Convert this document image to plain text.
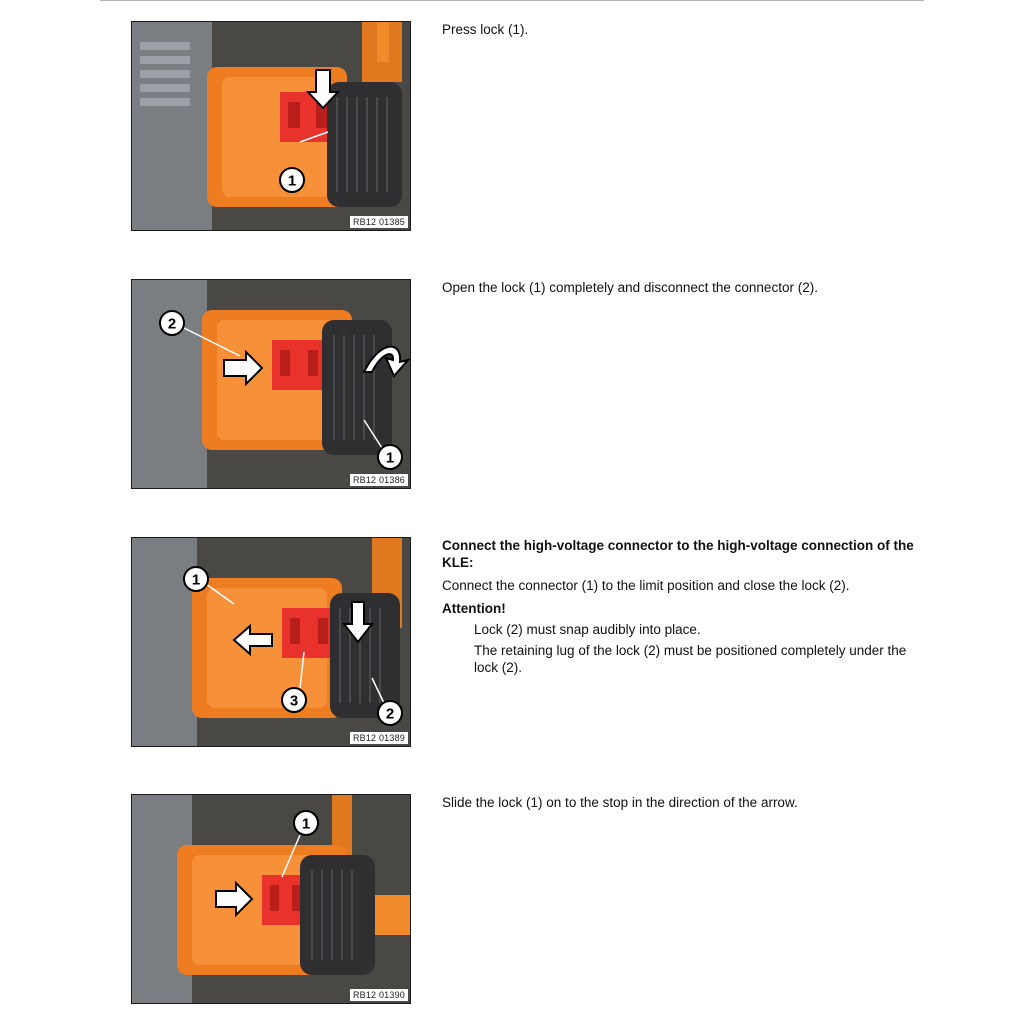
1
RB12 01385

Press lock (1).

2
1
RB12 01386

Open the lock (1) completely and disconnect the connector (2).

1
3
2
RB12 01389

Connect the high-voltage connector to the high-voltage connection of the KLE:

Connect the connector (1) to the limit position and close the lock (2).

Attention!

Lock (2) must snap audibly into place.

The retaining lug of the lock (2) must be positioned completely under the lock (2).

1
RB12 01390

Slide the lock (1) on to the stop in the direction of the arrow.
